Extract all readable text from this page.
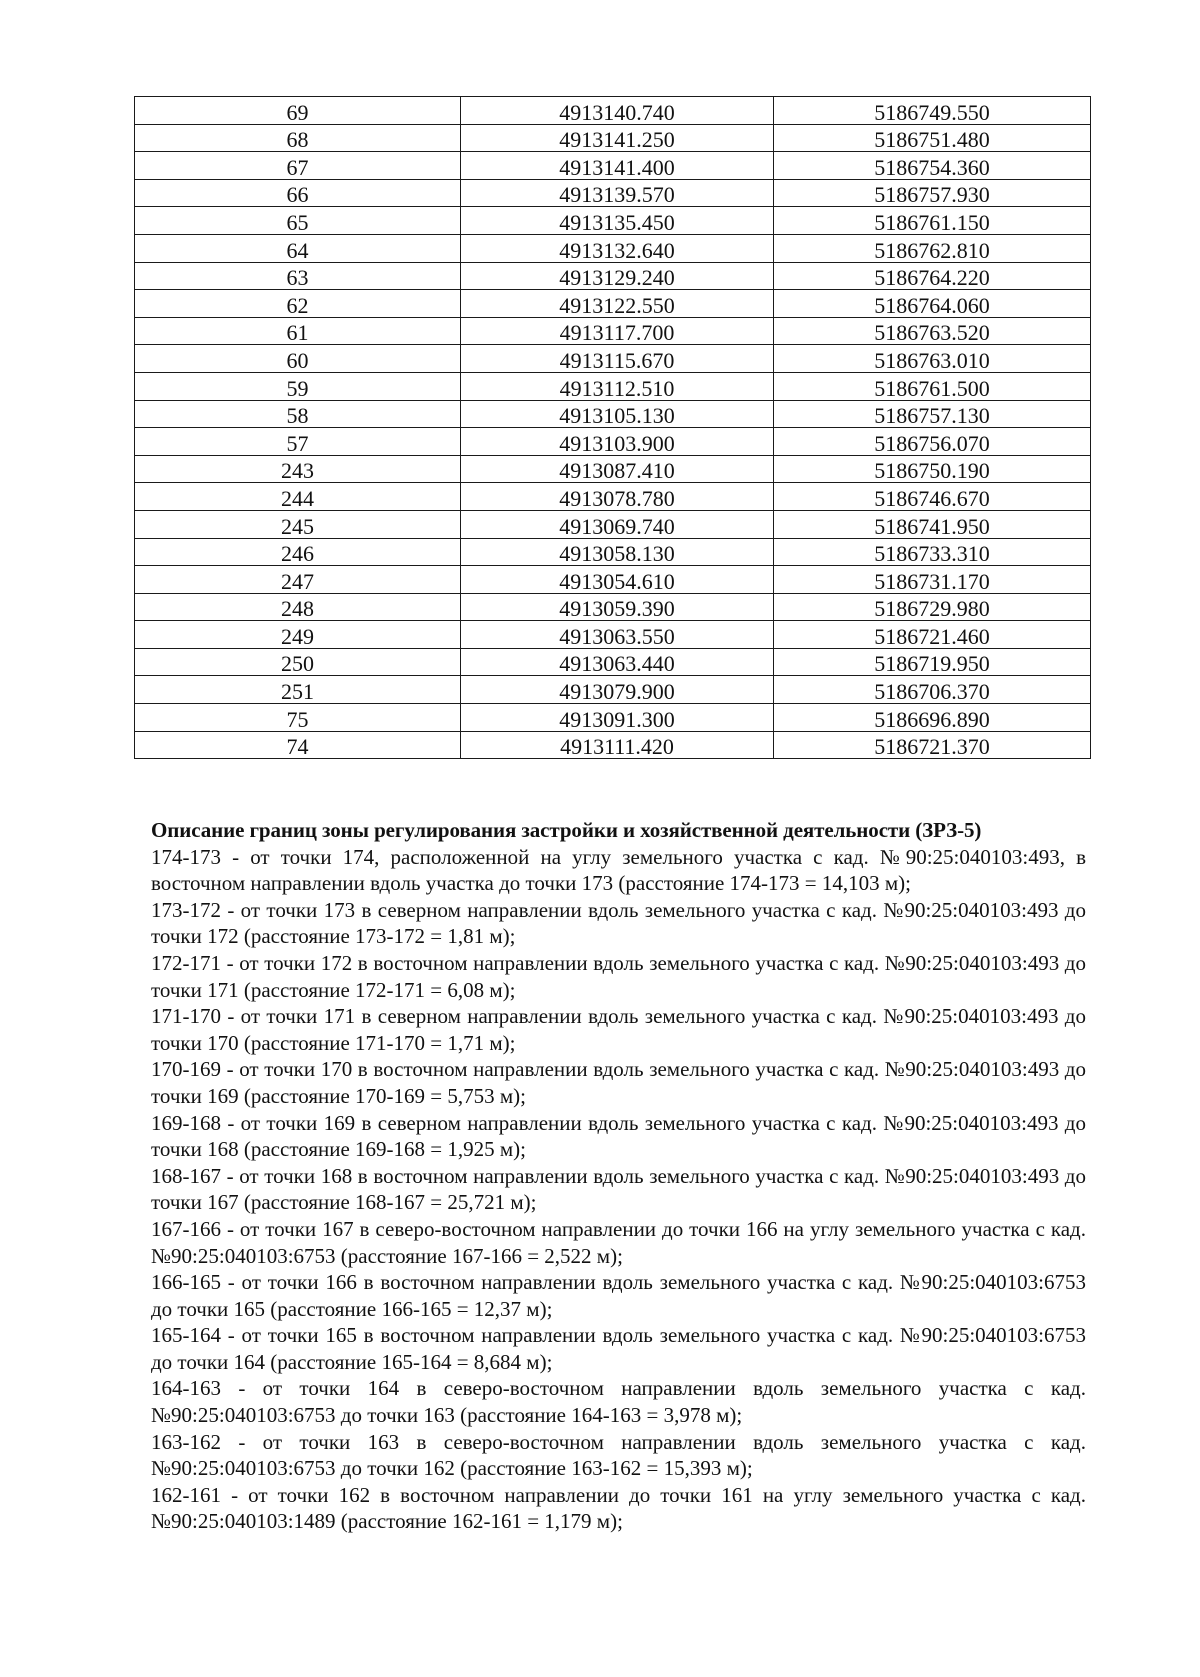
69	4913140.740	5186749.550
68	4913141.250	5186751.480
67	4913141.400	5186754.360
66	4913139.570	5186757.930
65	4913135.450	5186761.150
64	4913132.640	5186762.810
63	4913129.240	5186764.220
62	4913122.550	5186764.060
61	4913117.700	5186763.520
60	4913115.670	5186763.010
59	4913112.510	5186761.500
58	4913105.130	5186757.130
57	4913103.900	5186756.070
243	4913087.410	5186750.190
244	4913078.780	5186746.670
245	4913069.740	5186741.950
246	4913058.130	5186733.310
247	4913054.610	5186731.170
248	4913059.390	5186729.980
249	4913063.550	5186721.460
250	4913063.440	5186719.950
251	4913079.900	5186706.370
75	4913091.300	5186696.890
74	4913111.420	5186721.370
Описание границ зоны регулирования застройки и хозяйственной деятельности (ЗРЗ-5)
174-173 - от точки 174, расположенной на углу земельного участка с кад. №90:25:040103:493, в восточном направлении вдоль участка до точки 173 (расстояние 174-173 = 14,103 м);
173-172 - от точки 173 в северном направлении вдоль земельного участка с кад. №90:25:040103:493 до точки 172 (расстояние 173-172 = 1,81 м);
172-171 - от точки 172 в восточном направлении вдоль земельного участка с кад. №90:25:040103:493 до точки 171 (расстояние 172-171 = 6,08 м);
171-170 - от точки 171 в северном направлении вдоль земельного участка с кад. №90:25:040103:493 до точки 170 (расстояние 171-170 = 1,71 м);
170-169 - от точки 170 в восточном направлении вдоль земельного участка с кад. №90:25:040103:493 до точки 169 (расстояние 170-169 = 5,753 м);
169-168 - от точки 169 в северном направлении вдоль земельного участка с кад. №90:25:040103:493 до точки 168 (расстояние 169-168 = 1,925 м);
168-167 - от точки 168 в восточном направлении вдоль земельного участка с кад. №90:25:040103:493 до точки 167 (расстояние 168-167 = 25,721 м);
167-166 - от точки 167 в северо-восточном направлении до точки 166 на углу земельного участка с кад. №90:25:040103:6753 (расстояние 167-166 = 2,522 м);
166-165 - от точки 166 в восточном направлении вдоль земельного участка с кад. №90:25:040103:6753 до точки 165 (расстояние 166-165 = 12,37 м);
165-164 - от точки 165 в восточном направлении вдоль земельного участка с кад. №90:25:040103:6753 до точки 164 (расстояние 165-164 = 8,684 м);
164-163 - от точки 164 в северо-восточном направлении вдоль земельного участка с кад. №90:25:040103:6753 до точки 163 (расстояние 164-163 = 3,978 м);
163-162 - от точки 163 в северо-восточном направлении вдоль земельного участка с кад. №90:25:040103:6753 до точки 162 (расстояние 163-162 = 15,393 м);
162-161 - от точки 162 в восточном направлении до точки 161 на углу земельного участка с кад. №90:25:040103:1489 (расстояние 162-161 = 1,179 м);
